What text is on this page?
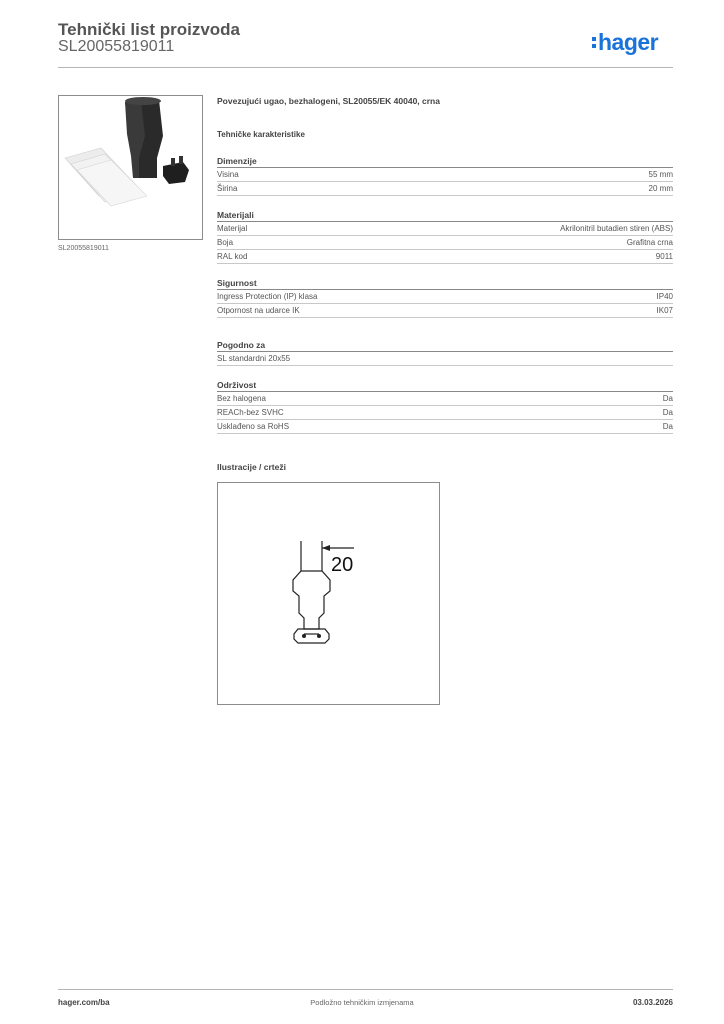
Tehnički list proizvoda
SL20055819011	hager
SL20055819011
Povezujući ugao, bezhalogeni, SL20055/EK 40040, crna
Tehničke karakteristike
Dimenzije
Visina	55 mm
Širina	20 mm
Materijali
Materijal	Akrilonitril butadien stiren (ABS)
Boja	Grafitna crna
RAL kod	9011
Sigurnost
Ingress Protection (IP) klasa	IP40
Otpornost na udarce IK	IK07
Pogodno za
SL standardni 20x55
Održivost
Bez halogena	Da
REACh-bez SVHC	Da
Usklađeno sa RoHS	Da
Ilustracije / crteži
20
hager.com/ba	Podložno tehničkim izmjenama	03.03.2026
